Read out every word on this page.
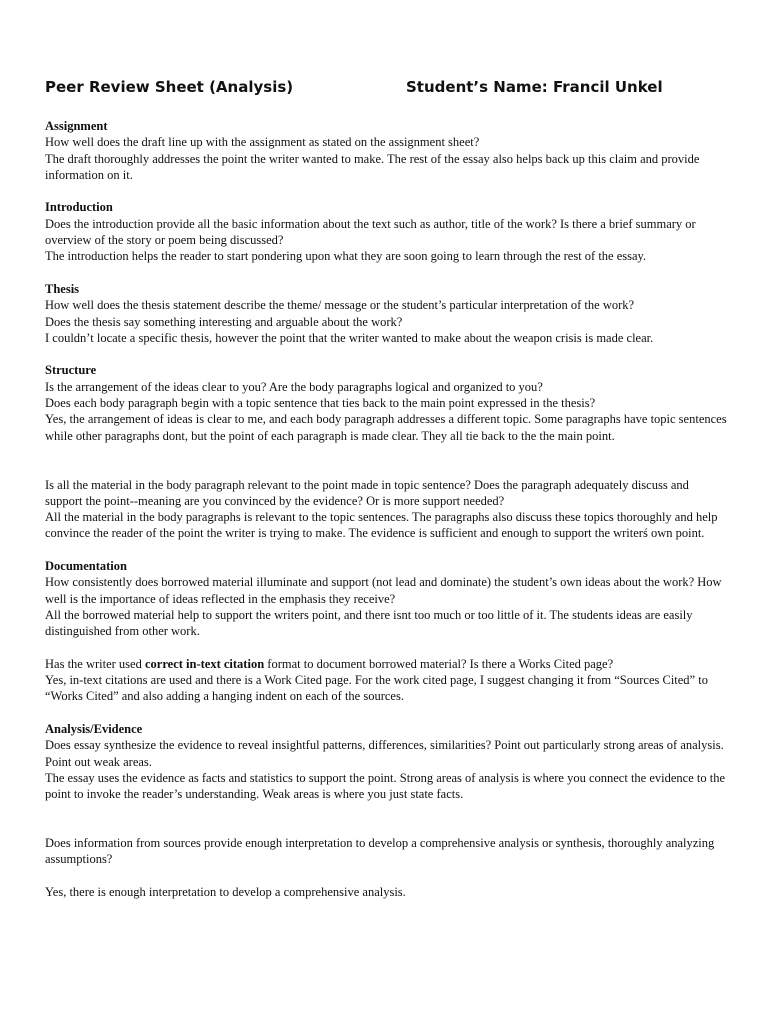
Peer Review Sheet (Analysis)	Student’s Name: Francil Unkel

Assignment

How well does the draft line up with the assignment as stated on the assignment sheet?

The draft thoroughly addresses the point the writer wanted to make. The rest of the essay also helps back up this claim and provide information on it.

Introduction

Does the introduction provide all the basic information about the text such as author, title of the work? Is there a brief summary or overview of the story or poem being discussed?

The introduction helps the reader to start pondering upon what they are soon going to learn through the rest of the essay.

Thesis

How well does the thesis statement describe the theme/ message or the student’s particular interpretation of the work?

Does the thesis say something interesting and arguable about the work?

I couldn’t locate a specific thesis, however the point that the writer wanted to make about the weapon crisis is made clear.

Structure

Is the arrangement of the ideas clear to you? Are the body paragraphs logical and organized to you?

Does each body paragraph begin with a topic sentence that ties back to the main point expressed in the thesis?

Yes, the arrangement of ideas is clear to me, and each body paragraph addresses a different topic. Some paragraphs have topic sentences while other paragraphs dont, but the point of each paragraph is made clear. They all tie back to the the main point.

Is all the material in the body paragraph relevant to the point made in topic sentence? Does the paragraph adequately discuss and support the point--meaning are you convinced by the evidence? Or is more support needed?

All the material in the body paragraphs is relevant to the topic sentences. The paragraphs also discuss these topics thoroughly and help convince the reader of the point the writer is trying to make. The evidence is sufficient and enough to support the writerś own point.

Documentation

How consistently does borrowed material illuminate and support (not lead and dominate) the student’s own ideas about the work? How well is the importance of ideas reflected in the emphasis they receive?

All the borrowed material help to support the writers point, and there isnt too much or too little of it. The students ideas are easily distinguished from other work.

Has the writer used correct in-text citation format to document borrowed material? Is there a Works Cited page?

Yes, in-text citations are used and there is a Work Cited page. For the work cited page, I suggest changing it from “Sources Cited” to “Works Cited” and also adding a hanging indent on each of the sources.

Analysis/Evidence

Does essay synthesize the evidence to reveal insightful patterns, differences, similarities? Point out particularly strong areas of analysis. Point out weak areas.

The essay uses the evidence as facts and statistics to support the point. Strong areas of analysis is where you connect the evidence to the point to invoke the reader’s understanding. Weak areas is where you just state facts.

Does information from sources provide enough interpretation to develop a comprehensive analysis or synthesis, thoroughly analyzing assumptions?

Yes, there is enough interpretation to develop a comprehensive analysis.
